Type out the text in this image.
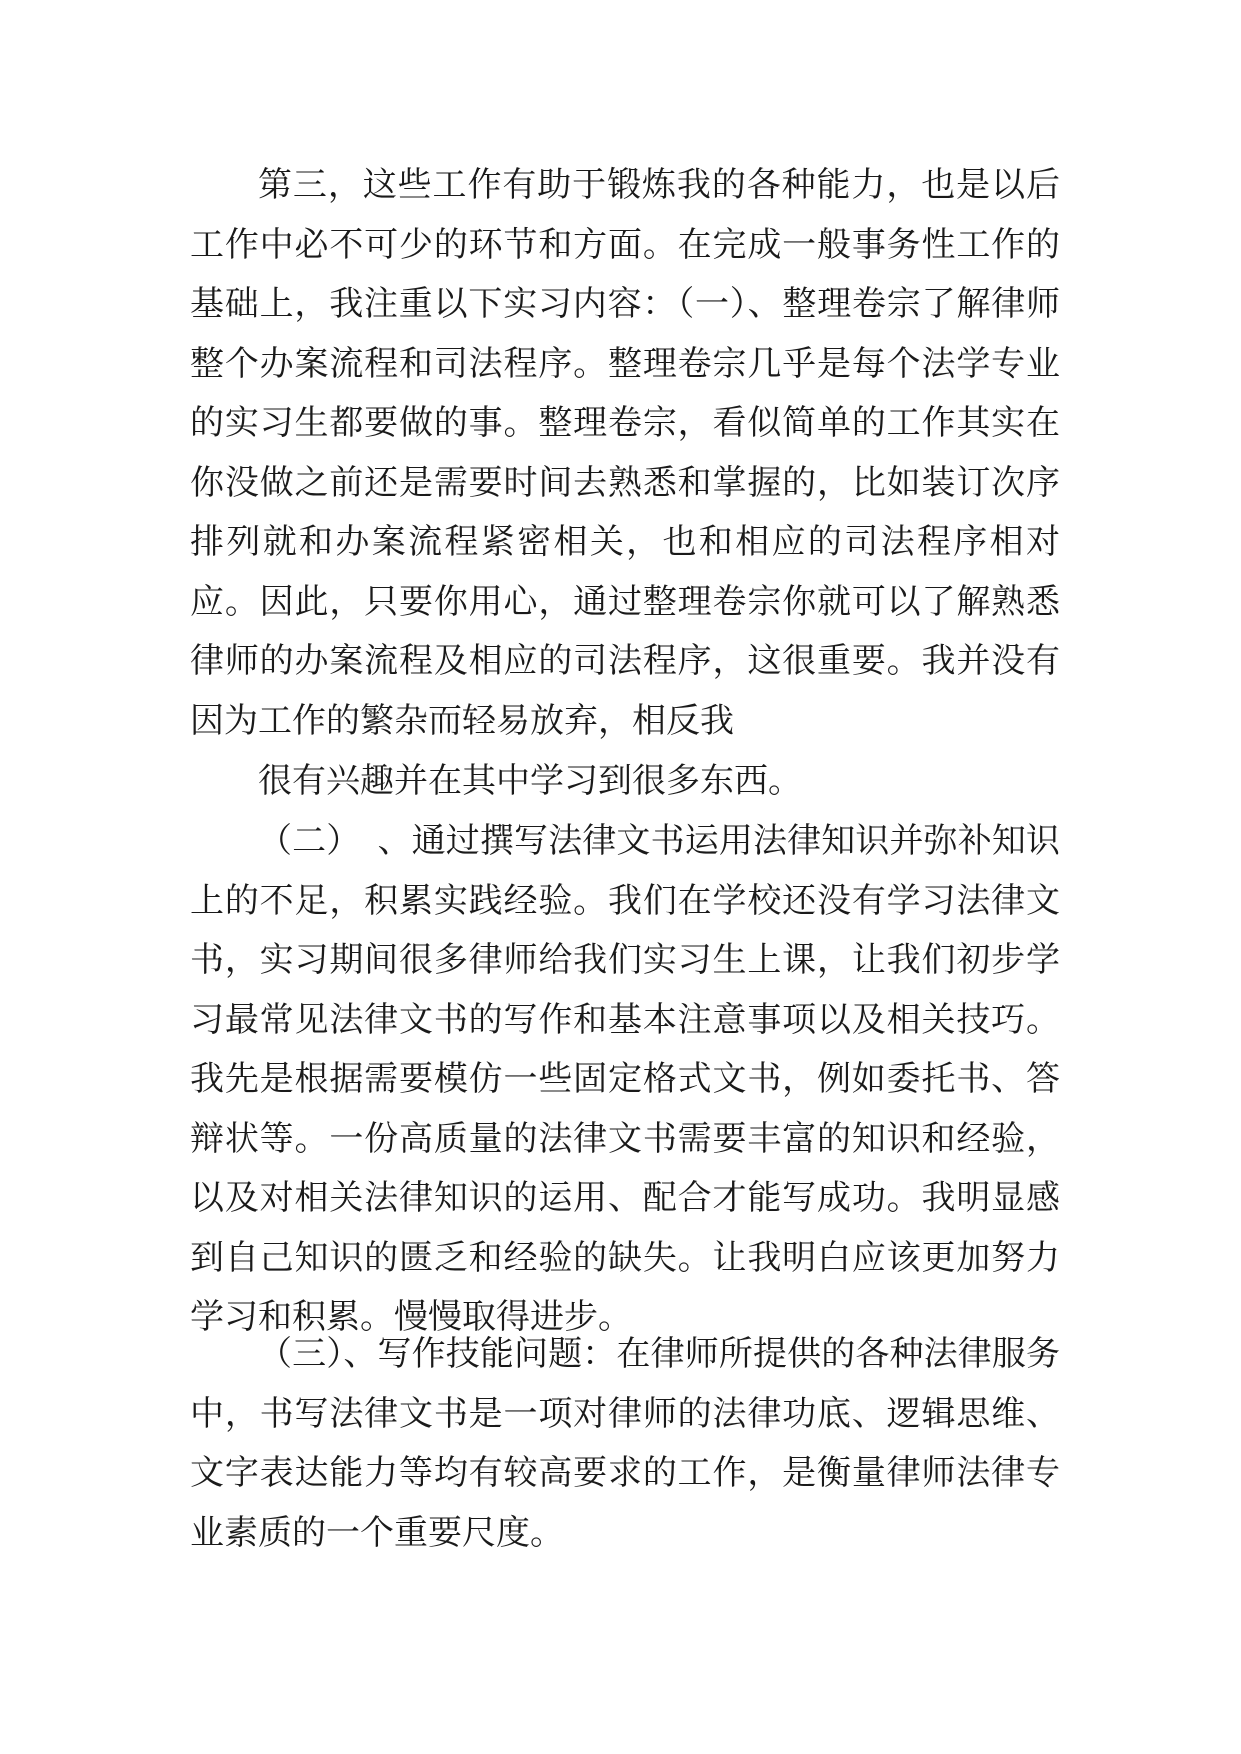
第三，这些工作有助于锻炼我的各种能力，也是以后工作中必不可少的环节和方面。在完成一般事务性工作的基础上，我注重以下实习内容：（一）、整理卷宗了解律师整个办案流程和司法程序。整理卷宗几乎是每个法学专业的实习生都要做的事。整理卷宗，看似简单的工作其实在你没做之前还是需要时间去熟悉和掌握的，比如装订次序排列就和办案流程紧密相关，也和相应的司法程序相对应。因此，只要你用心，通过整理卷宗你就可以了解熟悉律师的办案流程及相应的司法程序，这很重要。我并没有因为工作的繁杂而轻易放弃，相反我

很有兴趣并在其中学习到很多东西。

（二）　、通过撰写法律文书运用法律知识并弥补知识上的不足，积累实践经验。我们在学校还没有学习法律文书，实习期间很多律师给我们实习生上课，让我们初步学习最常见法律文书的写作和基本注意事项以及相关技巧。我先是根据需要模仿一些固定格式文书，例如委托书、答辩状等。一份高质量的法律文书需要丰富的知识和经验，以及对相关法律知识的运用、配合才能写成功。我明显感到自己知识的匮乏和经验的缺失。让我明白应该更加努力学习和积累。慢慢取得进步。

（三）、写作技能问题：在律师所提供的各种法律服务中，书写法律文书是一项对律师的法律功底、逻辑思维、文字表达能力等均有较高要求的工作，是衡量律师法律专业素质的一个重要尺度。
